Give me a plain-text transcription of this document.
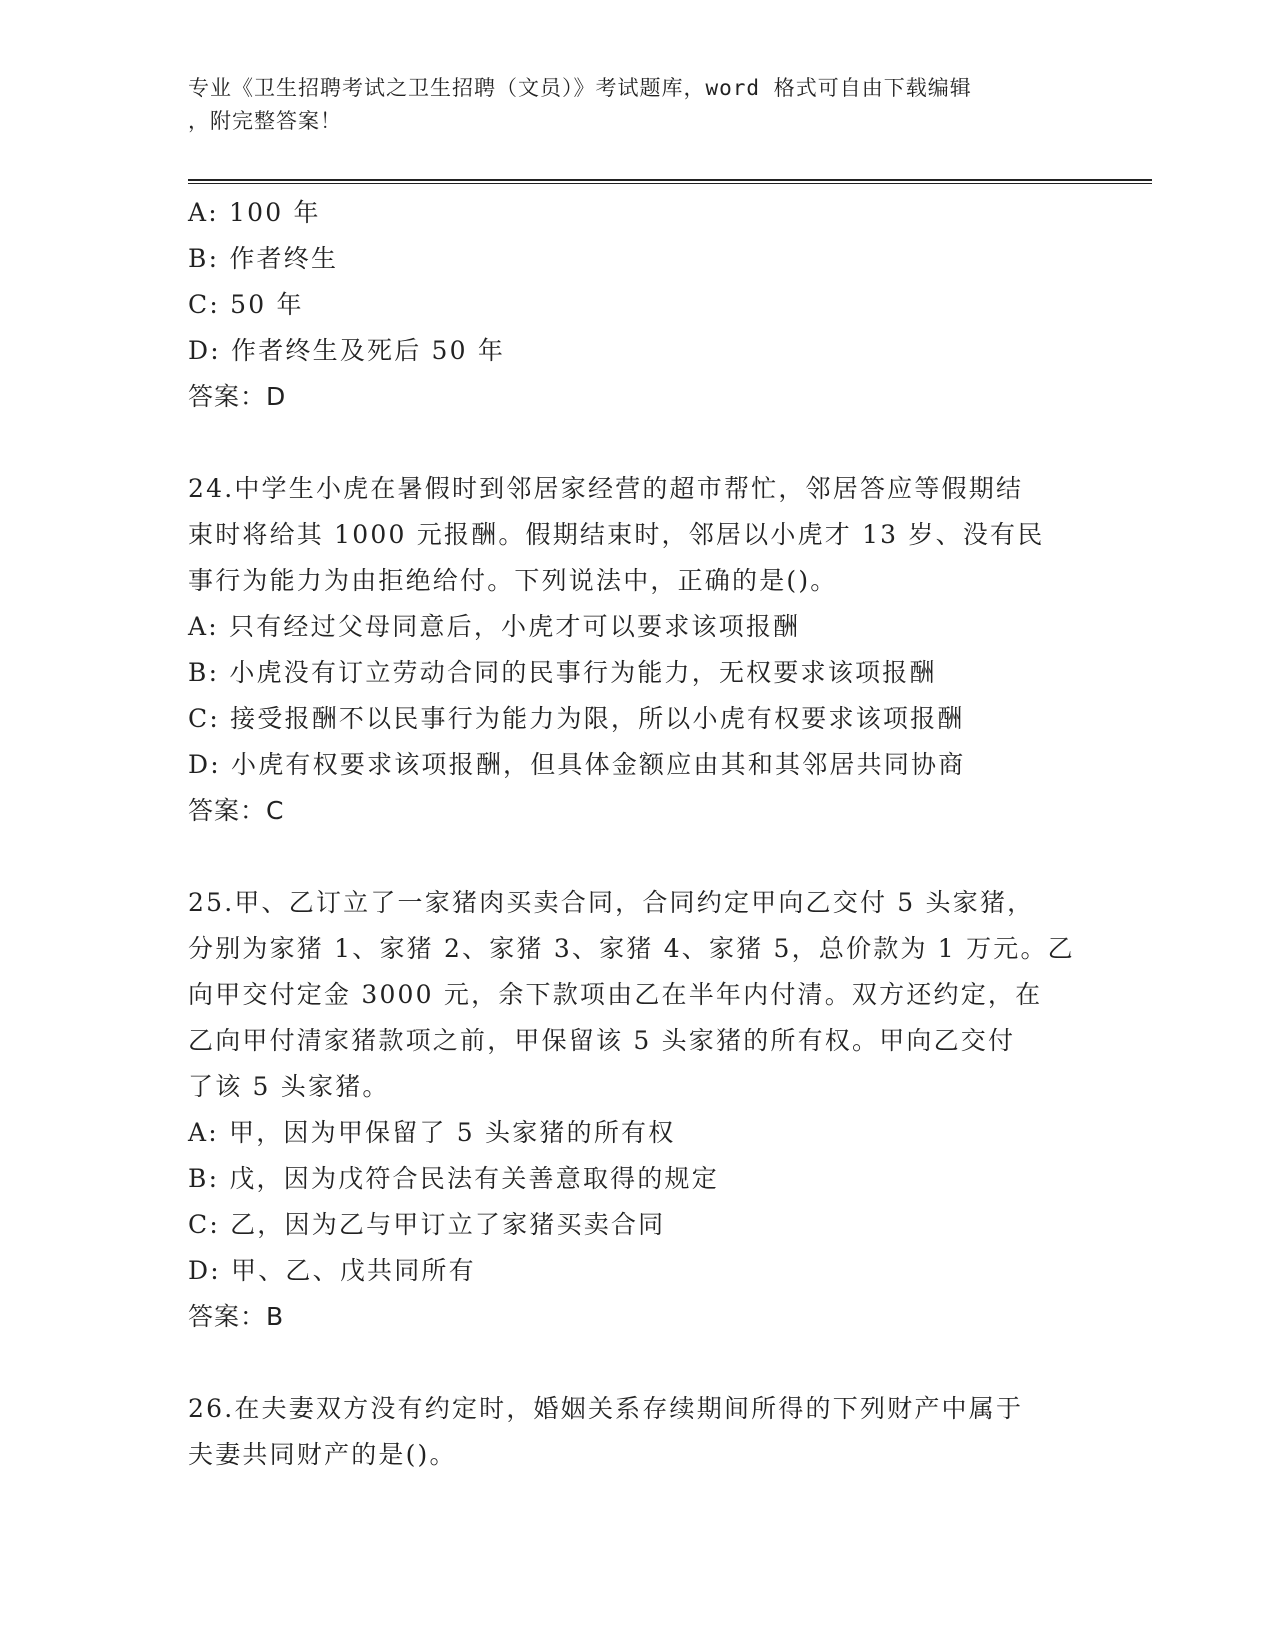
专业《卫生招聘考试之卫生招聘（文员）》考试题库，word 格式可自由下载编辑
，附完整答案！
A: 100 年
B: 作者终生
C: 50 年
D: 作者终生及死后 50 年
答案：D
24.中学生小虎在暑假时到邻居家经营的超市帮忙，邻居答应等假期结
束时将给其 1000 元报酬。假期结束时，邻居以小虎才 13 岁、没有民
事行为能力为由拒绝给付。下列说法中，正确的是()。
A: 只有经过父母同意后，小虎才可以要求该项报酬
B: 小虎没有订立劳动合同的民事行为能力，无权要求该项报酬
C: 接受报酬不以民事行为能力为限，所以小虎有权要求该项报酬
D: 小虎有权要求该项报酬，但具体金额应由其和其邻居共同协商
答案：C
25.甲、乙订立了一家猪肉买卖合同，合同约定甲向乙交付 5 头家猪，
分别为家猪 1、家猪 2、家猪 3、家猪 4、家猪 5，总价款为 1 万元。乙
向甲交付定金 3000 元，余下款项由乙在半年内付清。双方还约定，在
乙向甲付清家猪款项之前，甲保留该 5 头家猪的所有权。甲向乙交付
了该 5 头家猪。
A: 甲，因为甲保留了 5 头家猪的所有权
B: 戊，因为戊符合民法有关善意取得的规定
C: 乙，因为乙与甲订立了家猪买卖合同
D: 甲、乙、戊共同所有
答案：B
26.在夫妻双方没有约定时，婚姻关系存续期间所得的下列财产中属于
夫妻共同财产的是()。
